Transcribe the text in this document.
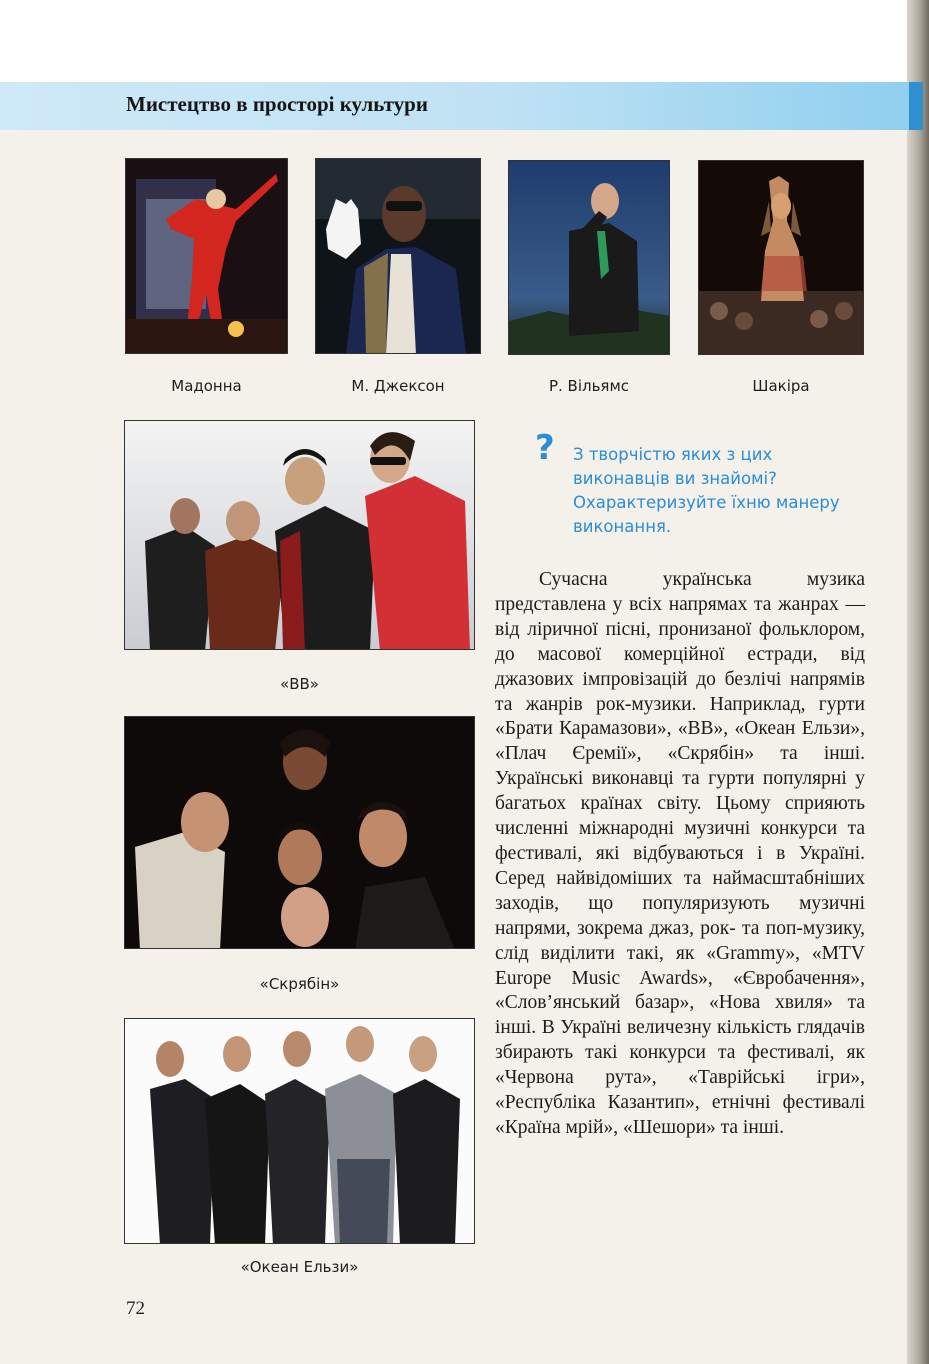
Мистецтво в просторі культури
Мадонна	М. Джексон	Р. Вільямс	Шакіра
«ВВ»
«Скрябін»
«Океан Ельзи»
? З творчістю яких з цих виконавців ви знайомі? Охарактеризуйте їхню манеру виконання.

Сучасна українська музика представлена у всіх напрямах та жанрах — від ліричної пісні, пронизаної фольклором, до масової комерційної естради, від джазових імпровізацій до безлічі напрямів та жанрів рок-музики. Наприклад, гурти «Брати Карамазови», «ВВ», «Океан Ельзи», «Плач Єремії», «Скрябін» та інші. Українські виконавці та гурти популярні у багатьох країнах світу. Цьому сприяють численні міжнародні музичні конкурси та фестивалі, які відбуваються і в Україні. Серед найвідоміших та наймасштабніших заходів, що популяризують музичні напрями, зокрема джаз, рок- та поп-музику, слід виділити такі, як «Grammy», «MTV Europe Music Awards», «Євробачення», «Слов’янський базар», «Нова хвиля» та інші. В Україні величезну кількість глядачів збирають такі конкурси та фестивалі, як «Червона рута», «Таврійські ігри», «Республіка Казантип», етнічні фестивалі «Країна мрій», «Шешори» та інші.

72
